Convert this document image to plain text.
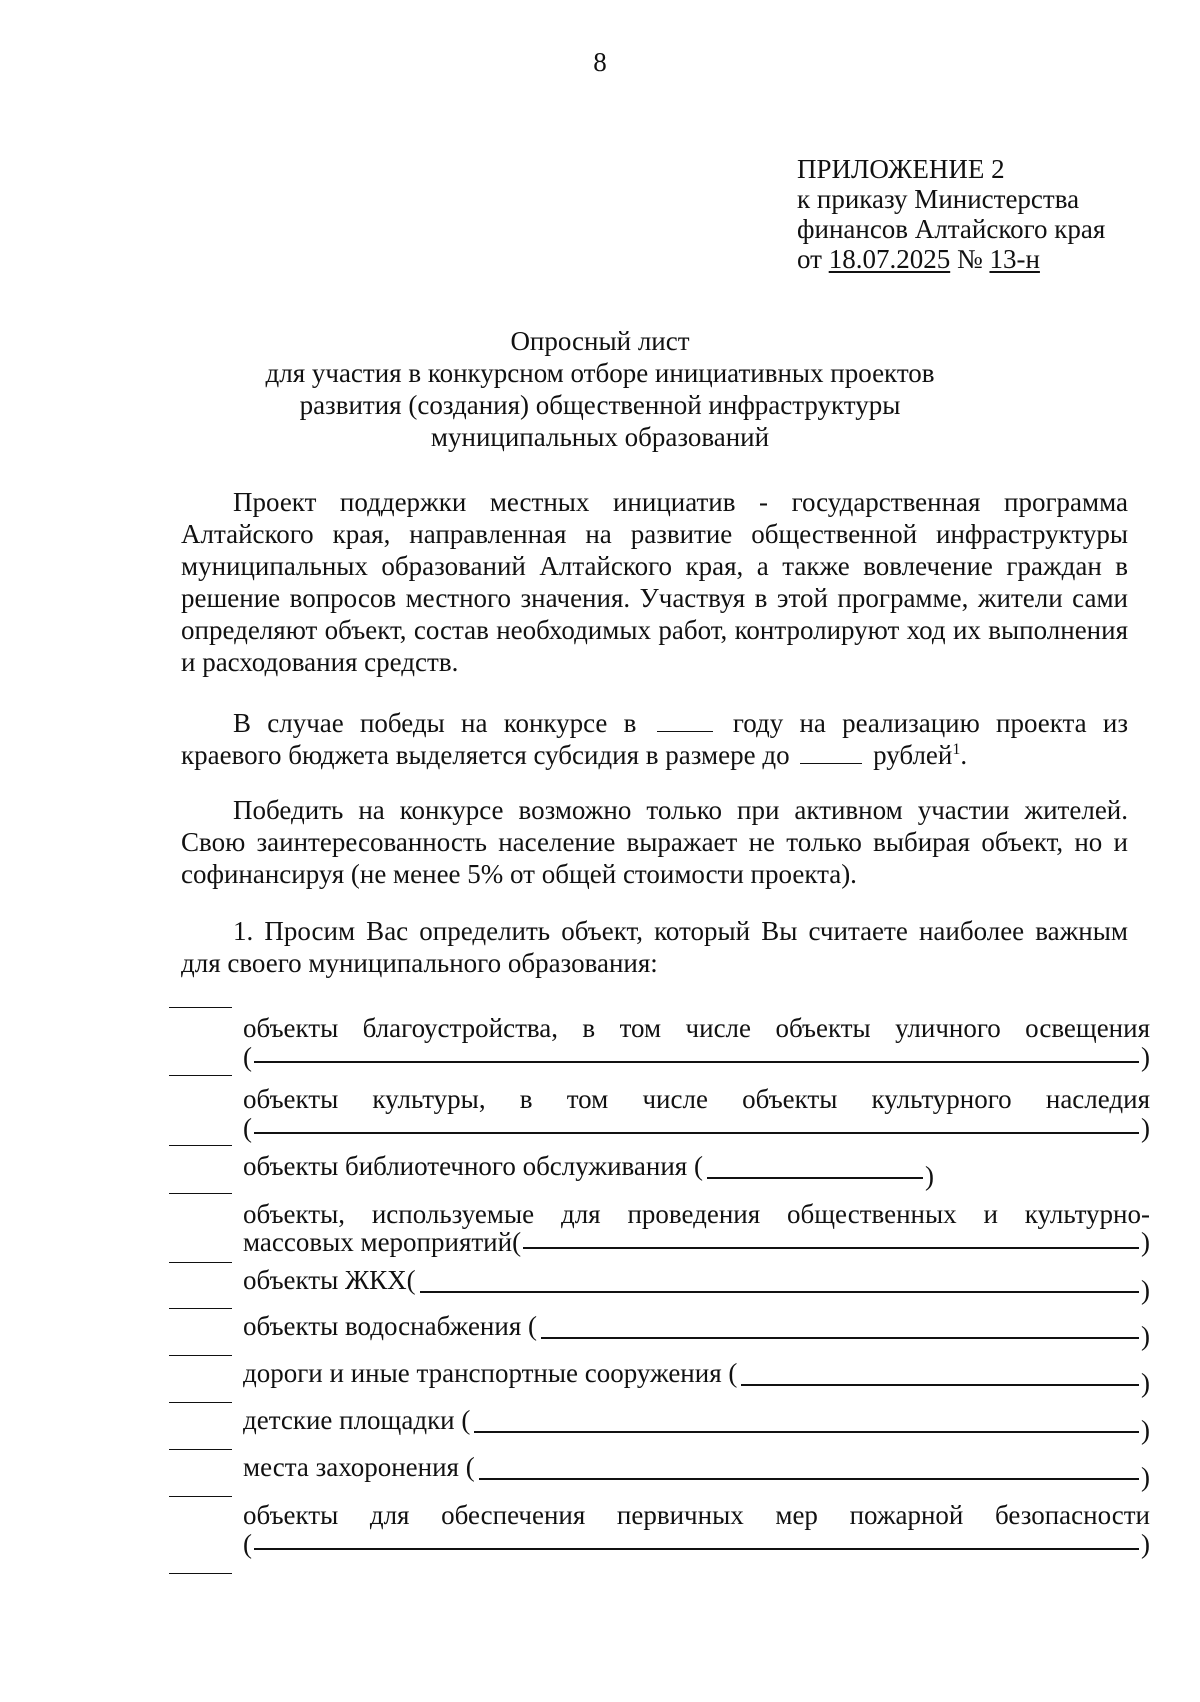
8
ПРИЛОЖЕНИЕ 2
к приказу Министерства
финансов Алтайского края
от 18.07.2025 № 13-н
Опросный лист
для участия в конкурсном отборе инициативных проектов
развития (создания) общественной инфраструктуры
муниципальных образований
Проект поддержки местных инициатив - государственная программа Алтайского края, направленная на развитие общественной инфраструктуры муниципальных образований Алтайского края, а также вовлечение граждан в решение вопросов местного значения. Участвуя в этой программе, жители сами определяют объект, состав необходимых работ, контролируют ход их выполнения и расходования средств.
В случае победы на конкурсе в	году на реализацию проекта из краевого бюджета выделяется субсидия в размере до	рублей$^1$.
Победить на конкурсе возможно только при активном участии жителей. Свою заинтересованность население выражает не только выбирая объект, но и софинансируя (не менее 5% от общей стоимости проекта).
1. Просим Вас определить объект, который Вы считаете наиболее важным для своего муниципального образования:
объекты благоустройства, в том числе объекты уличного освещения
(	)
объекты культуры, в том числе объекты культурного наследия
(	)
объекты библиотечного обслуживания (	)
объекты, используемые для проведения общественных и культурно-
массовых мероприятий(	)
объекты ЖКХ(	)
объекты водоснабжения (	)
дороги и иные транспортные сооружения (	)
детские площадки (	)
места захоронения (	)
объекты для обеспечения первичных мер пожарной безопасности
(	)
